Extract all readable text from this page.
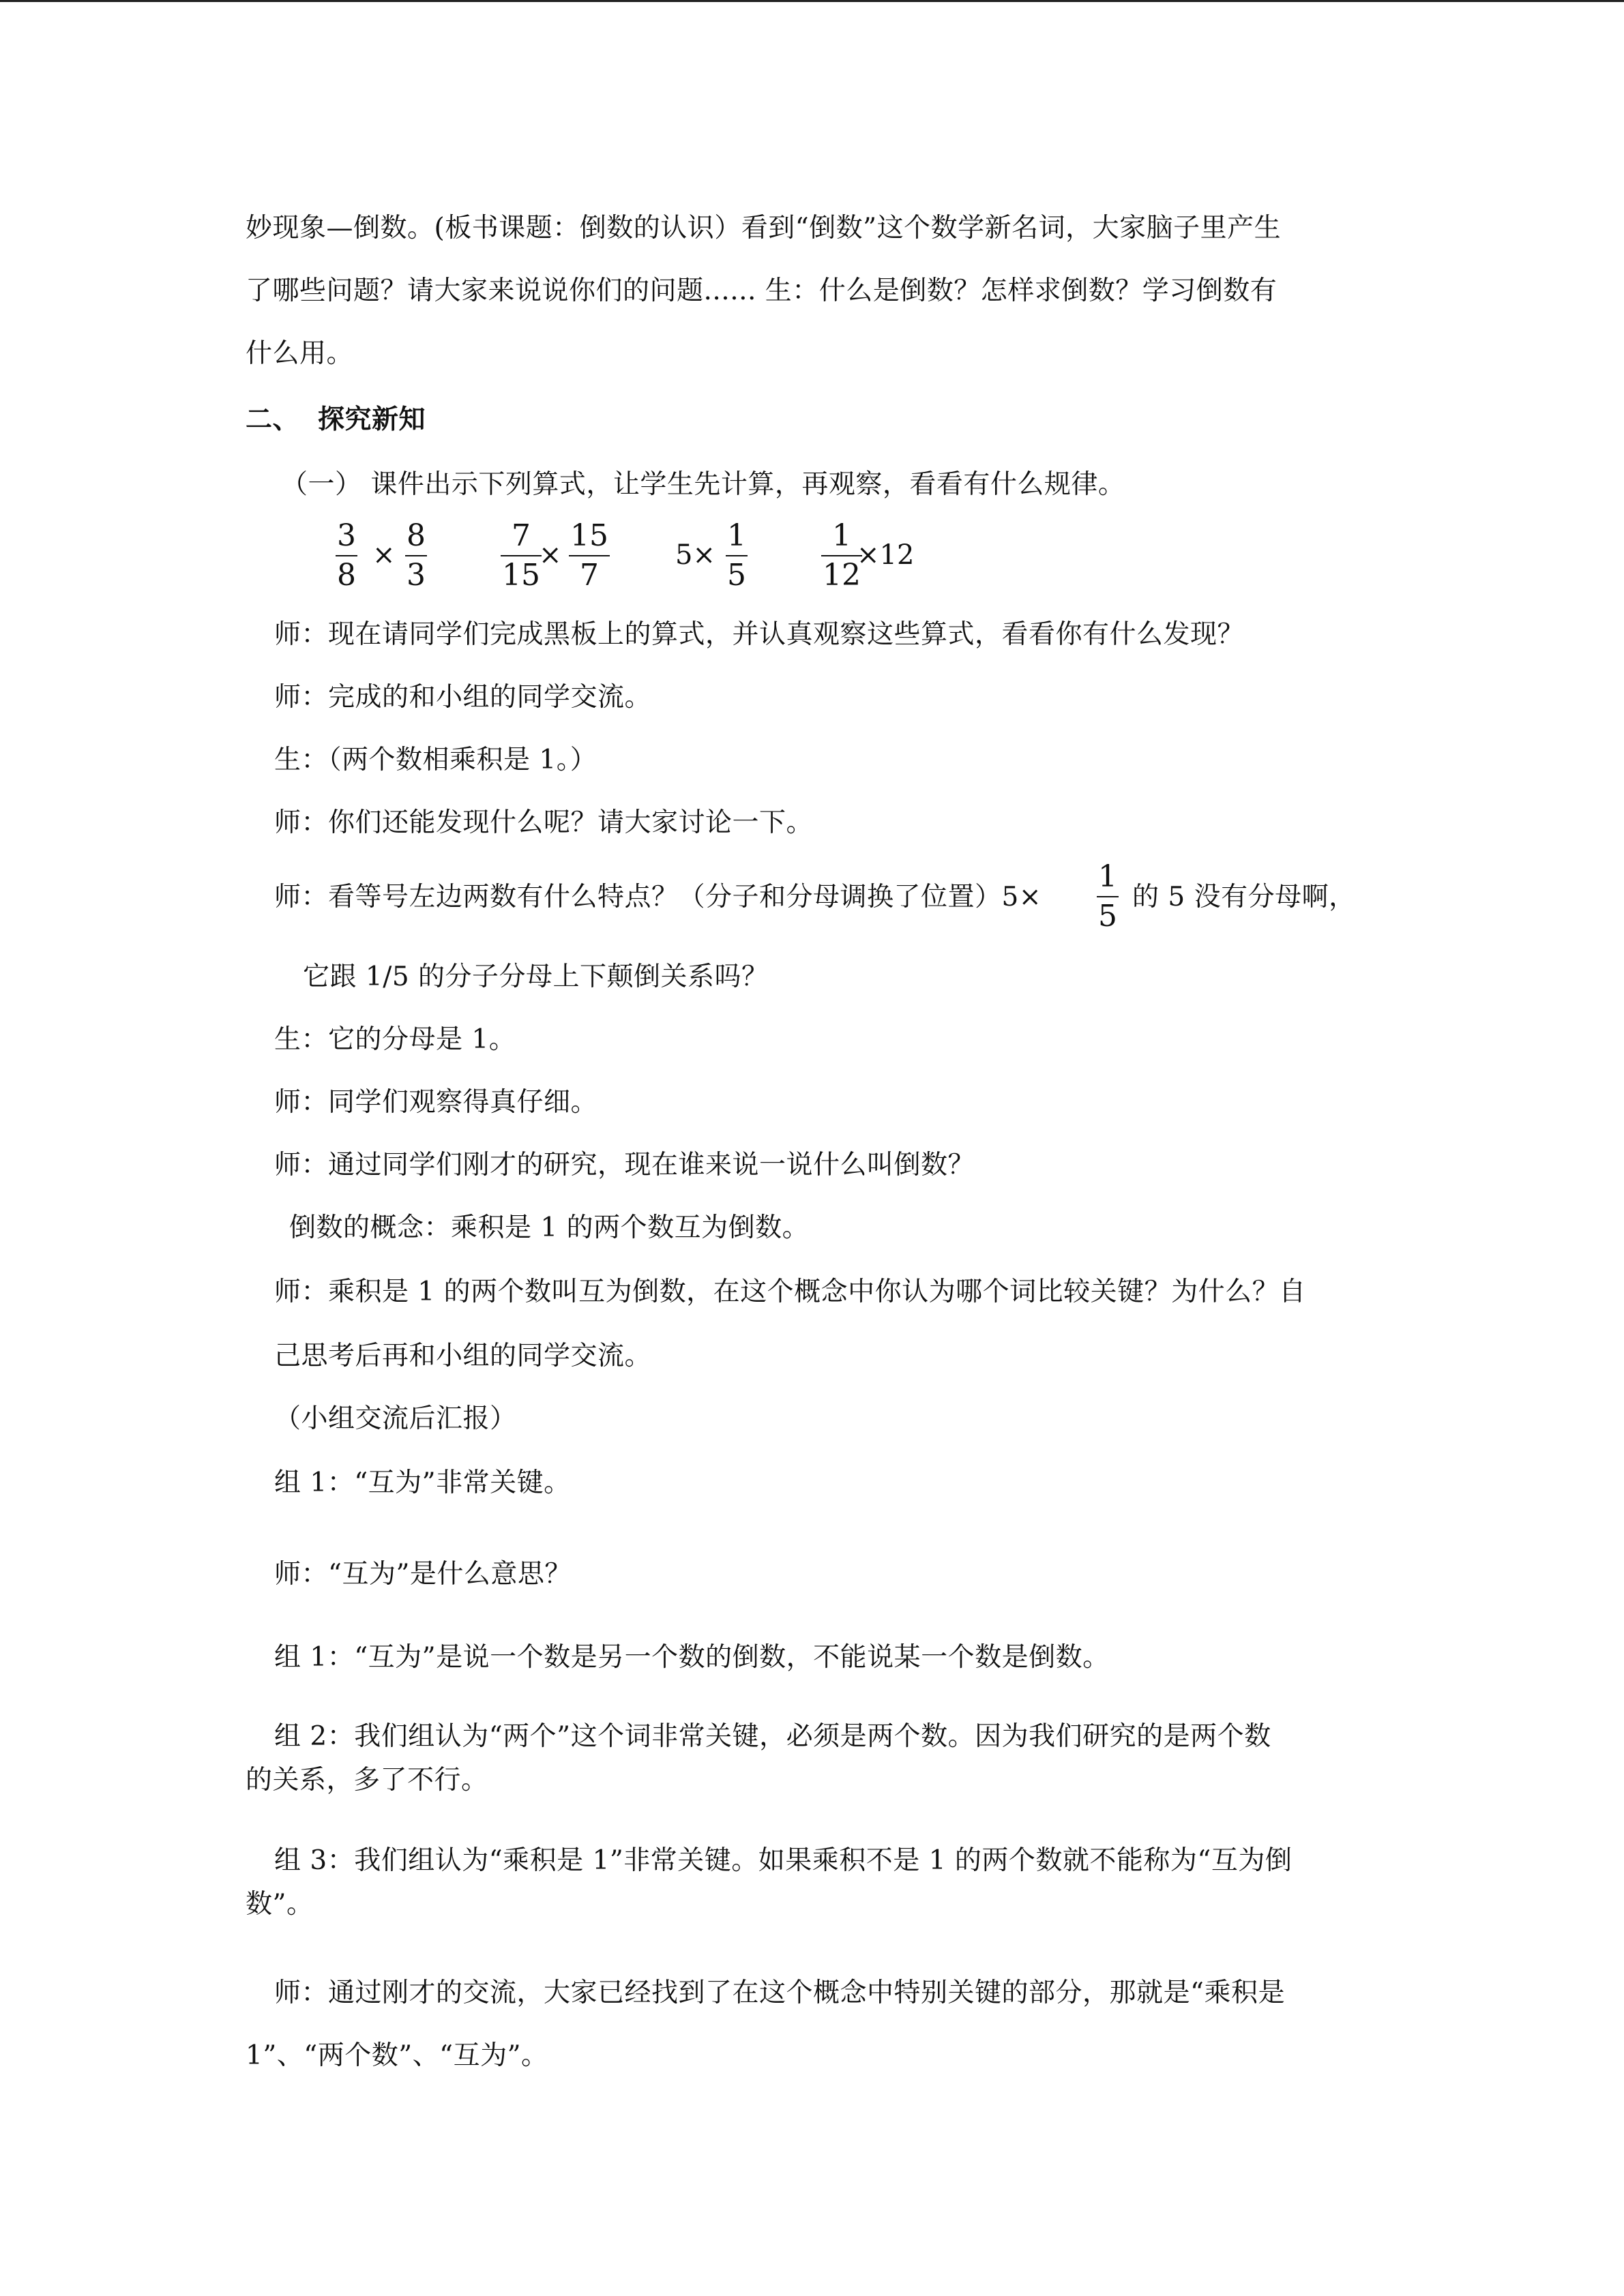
妙现象—倒数。(板书课题：倒数的认识）看到“倒数”这个数学新名词，大家脑子里产生
了哪些问题？请大家来说说你们的问题...... 生：什么是倒数？怎样求倒数？学习倒数有
什么用。
二、 探究新知
（一） 课件出示下列算式，让学生先计算，再观察，看看有什么规律。
3
8
×
8
3
7
15
×
15
7
5×
1
5
1
12
×12
师：现在请同学们完成黑板上的算式，并认真观察这些算式，看看你有什么发现？
师：完成的和小组的同学交流。
生：（两个数相乘积是 1。）
师：你们还能发现什么呢？请大家讨论一下。
师：看等号左边两数有什么特点？（分子和分母调换了位置）5×
1
5
的 5 没有分母啊，
它跟 1/5 的分子分母上下颠倒关系吗？
生：它的分母是 1。
师：同学们观察得真仔细。
师：通过同学们刚才的研究，现在谁来说一说什么叫倒数？
倒数的概念：乘积是 1 的两个数互为倒数。
师：乘积是 1 的两个数叫互为倒数，在这个概念中你认为哪个词比较关键？为什么？自
己思考后再和小组的同学交流。
（小组交流后汇报）
组 1：“互为”非常关键。
师：“互为”是什么意思？
组 1：“互为”是说一个数是另一个数的倒数，不能说某一个数是倒数。
组 2：我们组认为“两个”这个词非常关键，必须是两个数。因为我们研究的是两个数
的关系，多了不行。
组 3：我们组认为“乘积是 1”非常关键。如果乘积不是 1 的两个数就不能称为“互为倒
数”。
师：通过刚才的交流，大家已经找到了在这个概念中特别关键的部分，那就是“乘积是
1”、“两个数”、“互为”。
